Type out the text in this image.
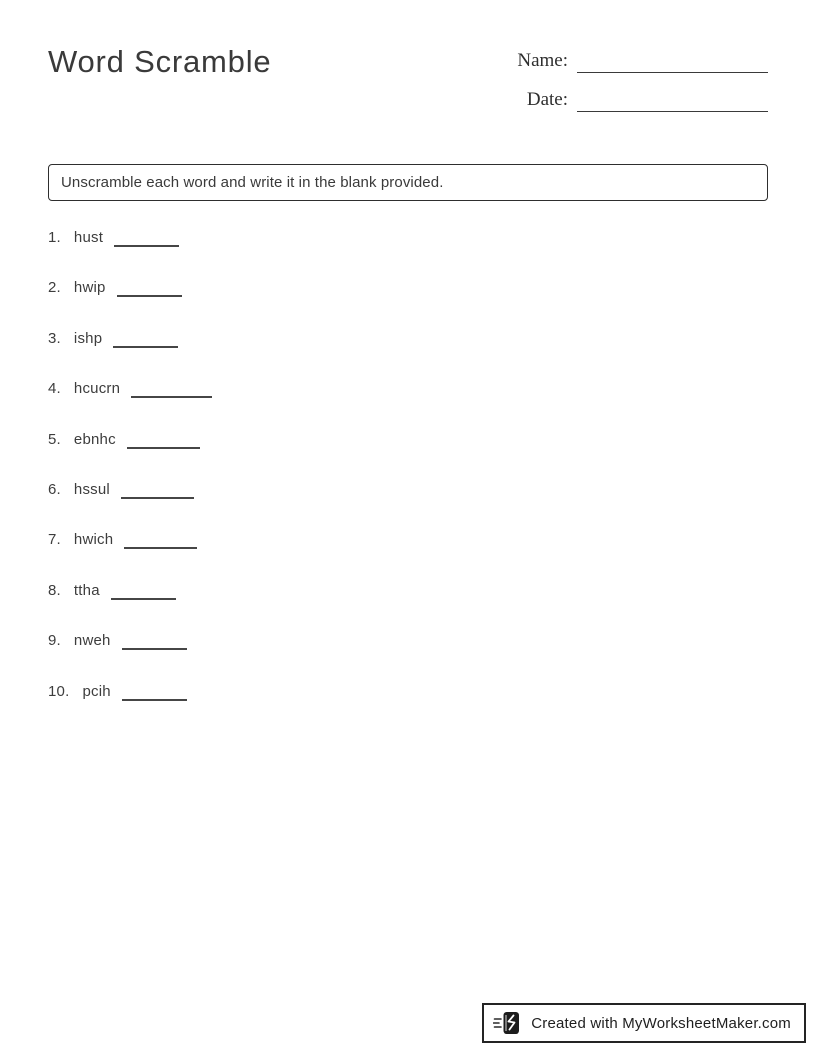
Word Scramble	Name:
Date:
Unscramble each word and write it in the blank provided.
1. hust
2. hwip
3. ishp
4. hcucrn
5. ebnhc
6. hssul
7. hwich
8. ttha
9. nweh
10. pcih
Created with MyWorksheetMaker.com
